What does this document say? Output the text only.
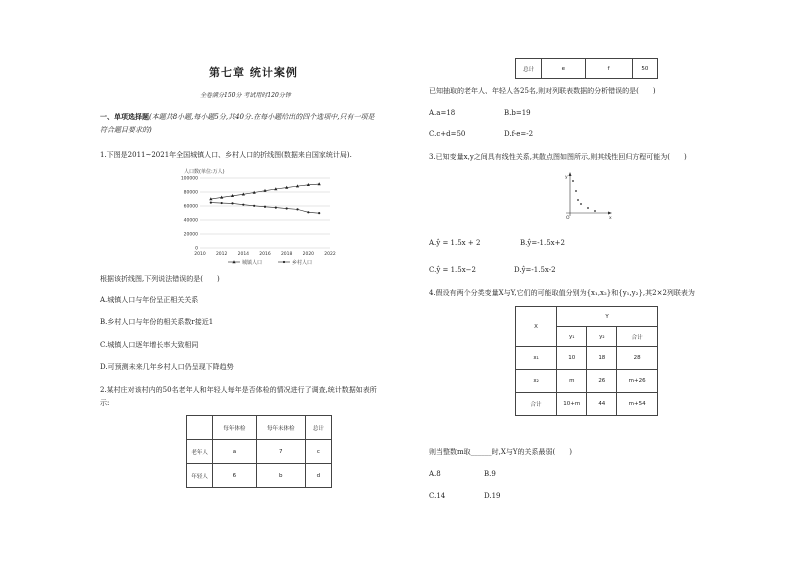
第七章 统计案例
全卷满分150分 考试用时120分钟
一、单项选择题(本题共8小题,每小题5分,共40分.在每小题给出的四个选项中,只有一项是
符合题目要求的)
1.下图是2011~2021年全国城镇人口、乡村人口的折线图(数据来自国家统计局).
人口数(单位:万人)
0
20000
40000
60000
80000
100000
2010 2012 2014 2016 2018 2020 2022
城镇人口	乡村人口
根据该折线图,下列说法错误的是(　　)
A.城镇人口与年份呈正相关关系
B.乡村人口与年份的相关系数r接近1
C.城镇人口逐年增长率大致相同
D.可预测未来几年乡村人口仍呈现下降趋势
2.某村庄对该村内的50名老年人和年轻人每年是否体检的情况进行了调查,统计数据如表所
示:
	每年体检	每年未体检	总计
老年人	a	7	c
年轻人	6	b	d
总计	e	f	50
已知抽取的老年人、年轻人各25名,则对列联表数据的分析错误的是(　　)
A.a=18	B.b=19
C.c+d=50	D.f-e=-2
3.已知变量x,y之间具有线性关系,其散点图如图所示,则其线性回归方程可能为(　　)
y
x
O
A.ŷ = 1.5x + 2	B.ŷ=-1.5x+2
C.ŷ = 1.5x−2	D.ŷ=-1.5x-2
4.假设有两个分类变量X与Y,它们的可能取值分别为{x₁,x₂}和{y₁,y₂},其2×2列联表为
X	Y		
	y₁	y₂	合计
x₁	10	18	28
x₂	m	26	m+26
合计	10+m	44	m+54
则当整数m取______时,X与Y的关系最弱(　　)
A.8	B.9
C.14	D.19
